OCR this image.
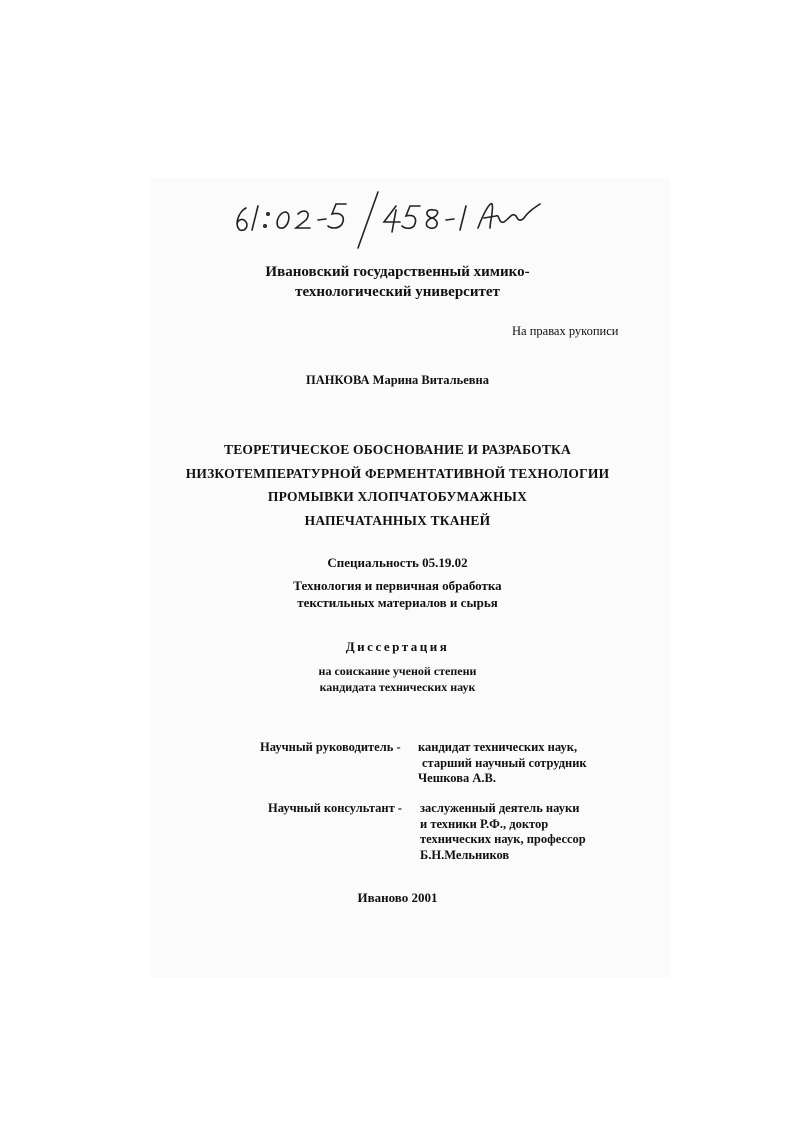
Ивановский государственный химико-
технологический университет
На правах рукописи
ПАНКОВА Марина Витальевна
ТЕОРЕТИЧЕСКОЕ ОБОСНОВАНИЕ И РАЗРАБОТКА
НИЗКОТЕМПЕРАТУРНОЙ ФЕРМЕНТАТИВНОЙ ТЕХНОЛОГИИ
ПРОМЫВКИ ХЛОПЧАТОБУМАЖНЫХ
НАПЕЧАТАННЫХ ТКАНЕЙ
Специальность 05.19.02
Технология и первичная обработка
текстильных материалов и сырья
Диссертация
на соискание ученой степени
кандидата технических наук
Научный руководитель - кандидат технических наук,
старший научный сотрудник
Чешкова А.В.
Научный консультант - заслуженный деятель науки
и техники Р.Ф., доктор
технических наук, профессор
Б.Н.Мельников
Иваново 2001
